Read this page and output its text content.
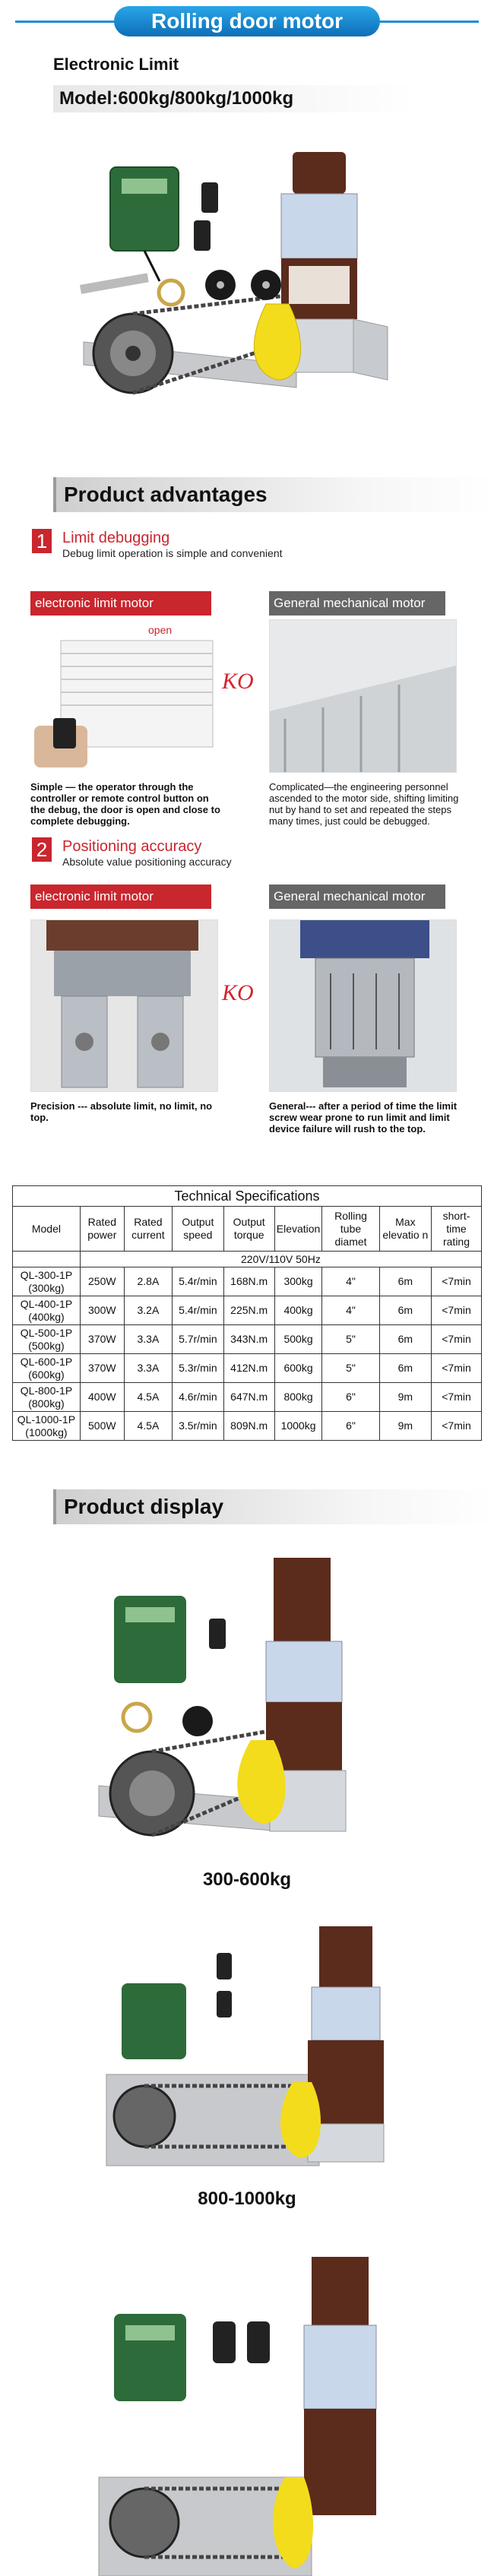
Rolling door motor
Electronic Limit
Model:600kg/800kg/1000kg
Product advantages
1 Limit debugging
Debug limit operation is simple and convenient
electronic limit motor	General mechanical motor
open
KO
Simple — the operator through the controller or remote control button on the debug, the door is open and close to complete debugging.
Complicated—the engineering personnel ascended to the motor side, shifting limiting nut by hand to set and repeated the steps many times, just could be debugged.
2 Positioning accuracy
Absolute value positioning accuracy
electronic limit motor	General mechanical motor
KO
Precision --- absolute limit, no limit, no top.
General--- after a period of time the limit screw wear prone to run limit and limit device failure will rush to the top.
Technical Specifications								
Model	Rated power	Rated current	Output speed	Output torque	Elevation	Rolling tube diamet	Max elevatio n	short-time rating
	220V/110V 50Hz							
QL-300-1P (300kg)	250W	2.8A	5.4r/min	168N.m	300kg	4"	6m	<7min
QL-400-1P (400kg)	300W	3.2A	5.4r/min	225N.m	400kg	4"	6m	<7min
QL-500-1P (500kg)	370W	3.3A	5.7r/min	343N.m	500kg	5"	6m	<7min
QL-600-1P (600kg)	370W	3.3A	5.3r/min	412N.m	600kg	5"	6m	<7min
QL-800-1P (800kg)	400W	4.5A	4.6r/min	647N.m	800kg	6"	9m	<7min
QL-1000-1P (1000kg)	500W	4.5A	3.5r/min	809N.m	1000kg	6"	9m	<7min
Product display
300-600kg
800-1000kg
